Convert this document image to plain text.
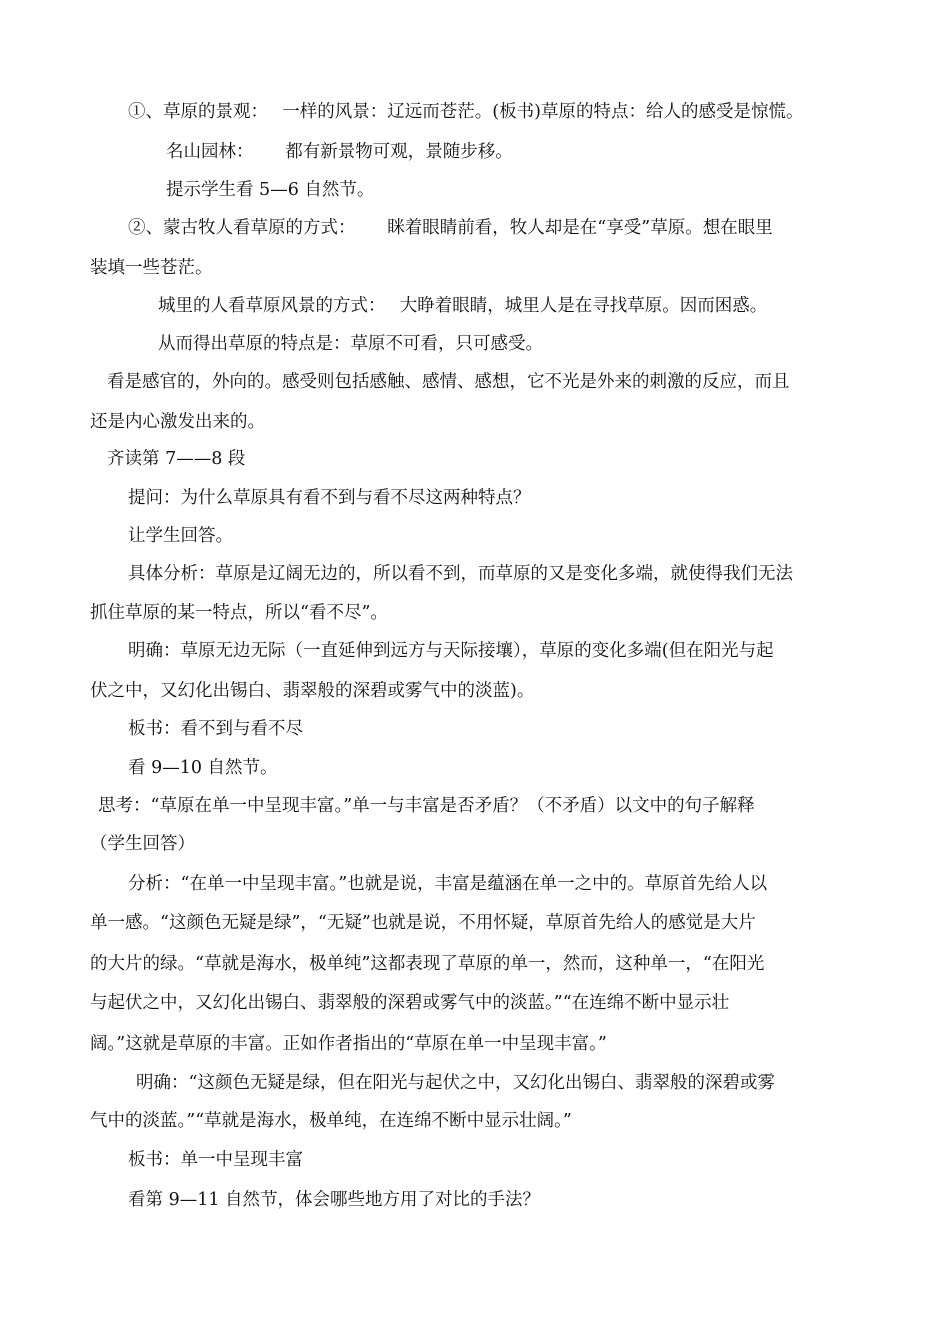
①、草原的景观：　 一样的风景：辽远而苍茫。(板书)草原的特点：给人的感受是惊慌。
名山园林：　　 都有新景物可观，景随步移。
提示学生看 5—6 自然节。
②、蒙古牧人看草原的方式：　　 眯着眼睛前看，牧人却是在“享受”草原。想在眼里
装填一些苍茫。
城里的人看草原风景的方式：　 大睁着眼睛，城里人是在寻找草原。因而困惑。
从而得出草原的特点是：草原不可看，只可感受。
看是感官的，外向的。感受则包括感触、感情、感想，它不光是外来的刺激的反应，而且
还是内心激发出来的。
齐读第 7——8 段
提问：为什么草原具有看不到与看不尽这两种特点？
让学生回答。
具体分析：草原是辽阔无边的，所以看不到，而草原的又是变化多端，就使得我们无法
抓住草原的某一特点，所以“看不尽”。
明确：草原无边无际（一直延伸到远方与天际接壤），草原的变化多端(但在阳光与起
伏之中，又幻化出锡白、翡翠般的深碧或雾气中的淡蓝)。
板书：看不到与看不尽
看 9—10 自然节。
思考：“草原在单一中呈现丰富。”单一与丰富是否矛盾？（不矛盾）以文中的句子解释
（学生回答）
分析：“在单一中呈现丰富。”也就是说，丰富是蕴涵在单一之中的。草原首先给人以
单一感。“这颜色无疑是绿”，“无疑”也就是说，不用怀疑，草原首先给人的感觉是大片
的大片的绿。“草就是海水，极单纯”这都表现了草原的单一，然而，这种单一，“在阳光
与起伏之中，又幻化出锡白、翡翠般的深碧或雾气中的淡蓝。”“在连绵不断中显示壮
阔。”这就是草原的丰富。正如作者指出的“草原在单一中呈现丰富。”
明确：“这颜色无疑是绿，但在阳光与起伏之中，又幻化出锡白、翡翠般的深碧或雾
气中的淡蓝。”“草就是海水，极单纯，在连绵不断中显示壮阔。”
板书：单一中呈现丰富
看第 9—11 自然节，体会哪些地方用了对比的手法？
